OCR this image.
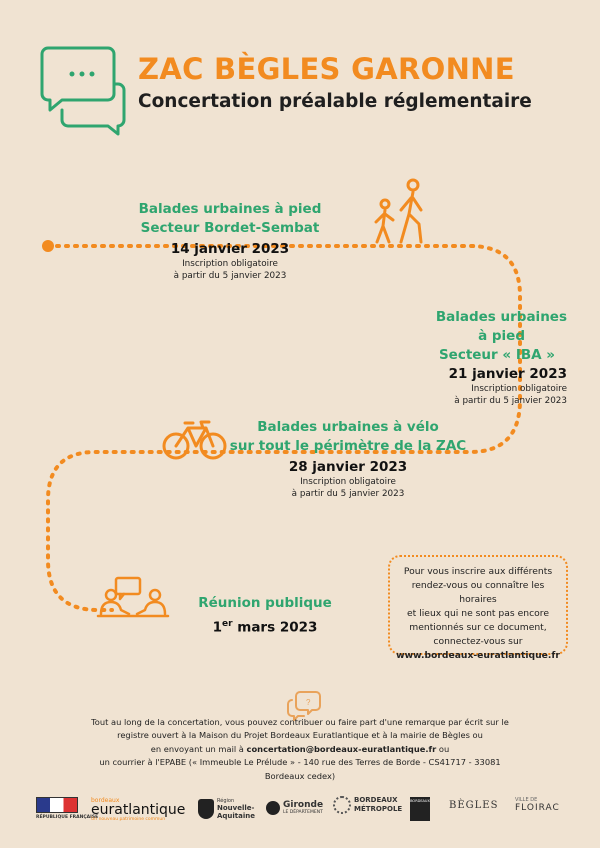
?
ZAC BÈGLES GARONNE
Concertation préalable réglementaire
Balades urbaines à pied
Secteur Bordet-Sembat
14 janvier 2023
Inscription obligatoire
à partir du 5 janvier 2023
Balades urbaines
à pied
Secteur « IBA »
21 janvier 2023
Inscription obligatoire
à partir du 5 janvier 2023
Balades urbaines à vélo
sur tout le périmètre de la ZAC
28 janvier 2023
Inscription obligatoire
à partir du 5 janvier 2023
Réunion publique
1er mars 2023
Pour vous inscrire aux différents
rendez-vous ou connaître les horaires
et lieux qui ne sont pas encore
mentionnés sur ce document,
connectez-vous sur
www.bordeaux-euratlantique.fr
Tout au long de la concertation, vous pouvez contribuer ou faire part d'une remarque par écrit sur le
registre ouvert à la Maison du Projet Bordeaux Euratlantique et à la mairie de Bègles ou
en envoyant un mail à concertation@bordeaux-euratlantique.fr ou
un courrier à l'EPABE (« Immeuble Le Prélude » - 140 rue des Terres de Borde - CS41717 - 33081
Bordeaux cedex)
RÉPUBLIQUE FRANÇAISE
bordeaux
euratlantique
Un nouveau patrimoine commun
Région
Nouvelle-Aquitaine
Gironde
LE DÉPARTEMENT
BORDEAUX
MÉTROPOLE
BORDEAUX BÈGLES	VILLE DE
FLOIRAC
